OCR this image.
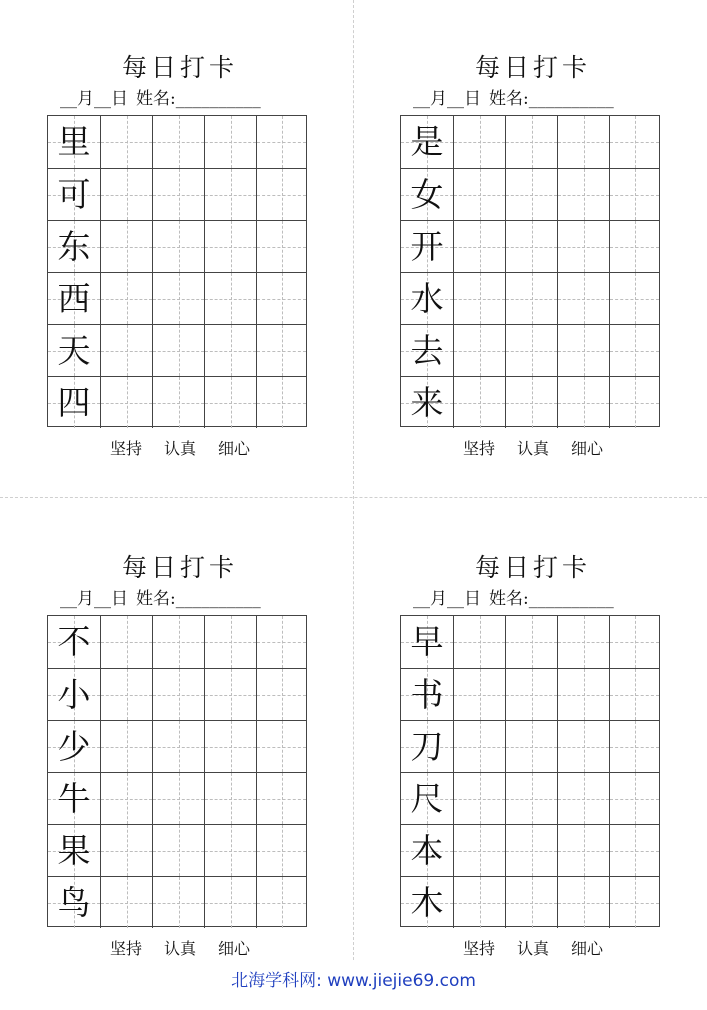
每日打卡
__月__日 姓名:__________
里
可
东
西
天
四
坚持 认真 细心
每日打卡
__月__日 姓名:__________
是
女
开
水
去
来
坚持 认真 细心
每日打卡
__月__日 姓名:__________
不
小
少
牛
果
鸟
坚持 认真 细心
每日打卡
__月__日 姓名:__________
早
书
刀
尺
本
木
坚持 认真 细心
北海学科网: www.jiejie69.com
